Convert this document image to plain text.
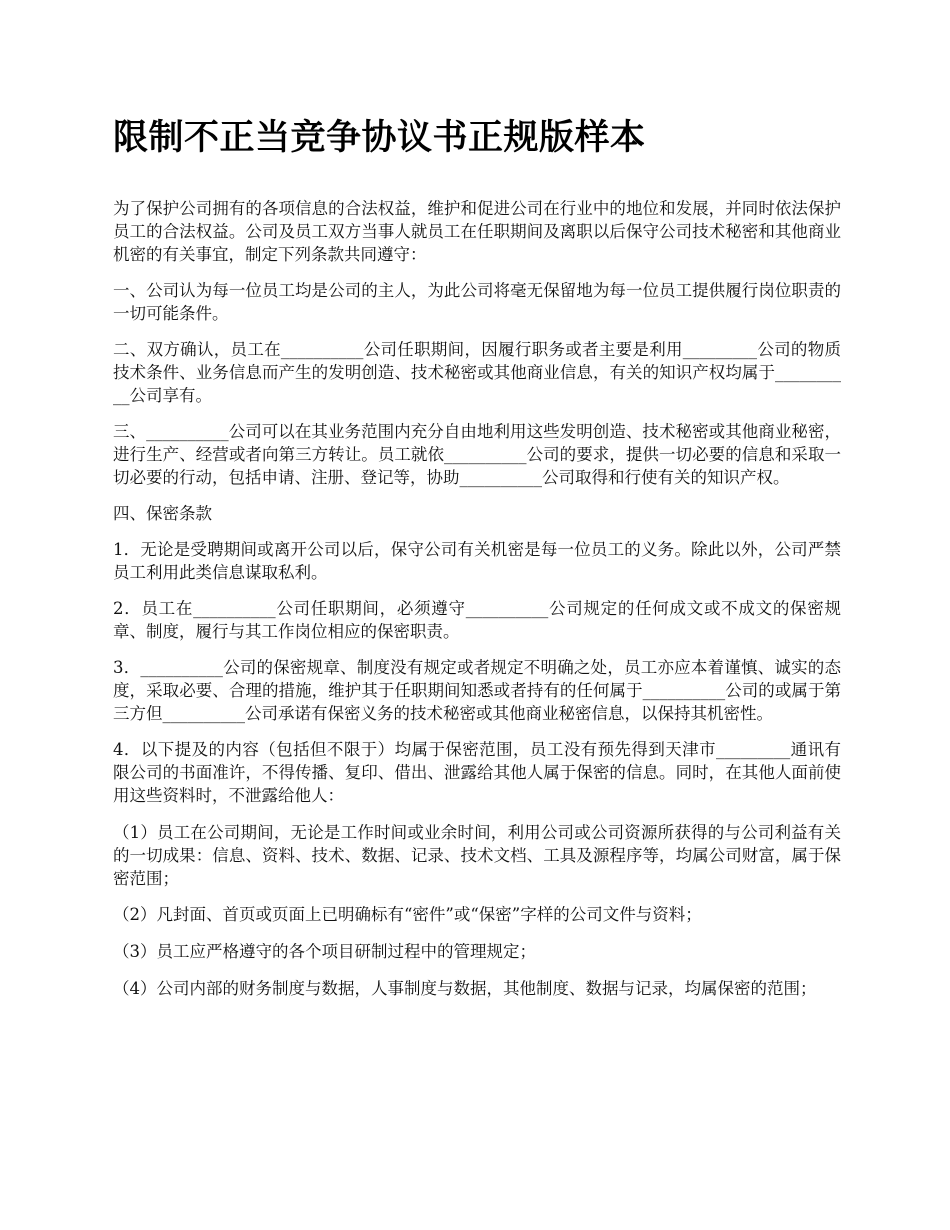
限制不正当竞争协议书正规版样本

为了保护公司拥有的各项信息的合法权益，维护和促进公司在行业中的地位和发展，并同时依法保护员工的合法权益。公司及员工双方当事人就员工在任职期间及离职以后保守公司技术秘密和其他商业机密的有关事宜，制定下列条款共同遵守：

一、公司认为每一位员工均是公司的主人，为此公司将毫无保留地为每一位员工提供履行岗位职责的一切可能条件。

二、双方确认，员工在__________公司任职期间，因履行职务或者主要是利用_________公司的物质技术条件、业务信息而产生的发明创造、技术秘密或其他商业信息，有关的知识产权均属于__________公司享有。

三、__________公司可以在其业务范围内充分自由地利用这些发明创造、技术秘密或其他商业秘密，进行生产、经营或者向第三方转让。员工就依__________公司的要求，提供一切必要的信息和采取一切必要的行动，包括申请、注册、登记等，协助__________公司取得和行使有关的知识产权。

四、保密条款

1．无论是受聘期间或离开公司以后，保守公司有关机密是每一位员工的义务。除此以外，公司严禁员工利用此类信息谋取私利。

2．员工在__________公司任职期间，必须遵守__________公司规定的任何成文或不成文的保密规章、制度，履行与其工作岗位相应的保密职责。

3．__________公司的保密规章、制度没有规定或者规定不明确之处，员工亦应本着谨慎、诚实的态度，采取必要、合理的措施，维护其于任职期间知悉或者持有的任何属于__________公司的或属于第三方但__________公司承诺有保密义务的技术秘密或其他商业秘密信息，以保持其机密性。

4．以下提及的内容（包括但不限于）均属于保密范围，员工没有预先得到天津市_________通讯有限公司的书面准许，不得传播、复印、借出、泄露给其他人属于保密的信息。同时，在其他人面前使用这些资料时，不泄露给他人：

（1）员工在公司期间，无论是工作时间或业余时间，利用公司或公司资源所获得的与公司利益有关的一切成果：信息、资料、技术、数据、记录、技术文档、工具及源程序等，均属公司财富，属于保密范围；

（2）凡封面、首页或页面上已明确标有“密件”或“保密”字样的公司文件与资料；

（3）员工应严格遵守的各个项目研制过程中的管理规定；

（4）公司内部的财务制度与数据，人事制度与数据，其他制度、数据与记录，均属保密的范围；
